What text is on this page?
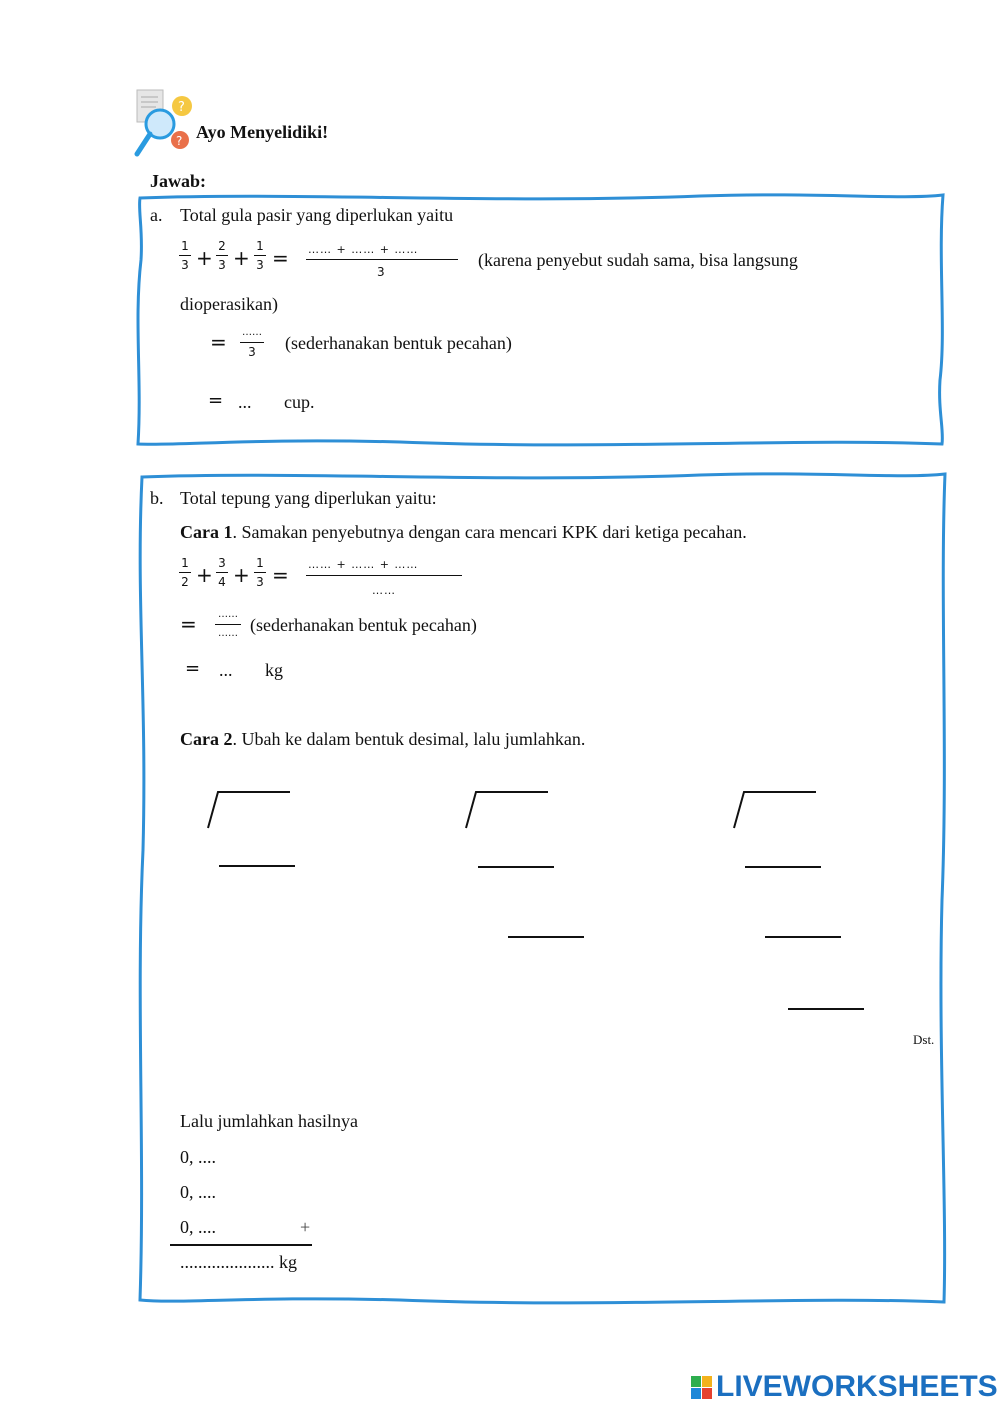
?
? Ayo Menyelidiki!
Jawab:
a. Total gula pasir yang diperlukan yaitu
1
3 + 2
3 + 1
3 = …… + …… + ……
3
(karena penyebut sudah sama, bisa langsung
dioperasikan)
= ……
3	(sederhanakan bentuk pecahan)
= ... cup.
b. Total tepung yang diperlukan yaitu:
Cara 1. Samakan penyebutnya dengan cara mencari KPK dari ketiga pecahan.
1
2 + 3
4 + 1
3 = …… + …… + ……
……
=	……
…… (sederhanakan bentuk pecahan)
= ... kg
Cara 2. Ubah ke dalam bentuk desimal, lalu jumlahkan.
Dst.
Lalu jumlahkan hasilnya
0, ....
0, ....
0, ....	+
..................... kg
LIVEWORKSHEETS
